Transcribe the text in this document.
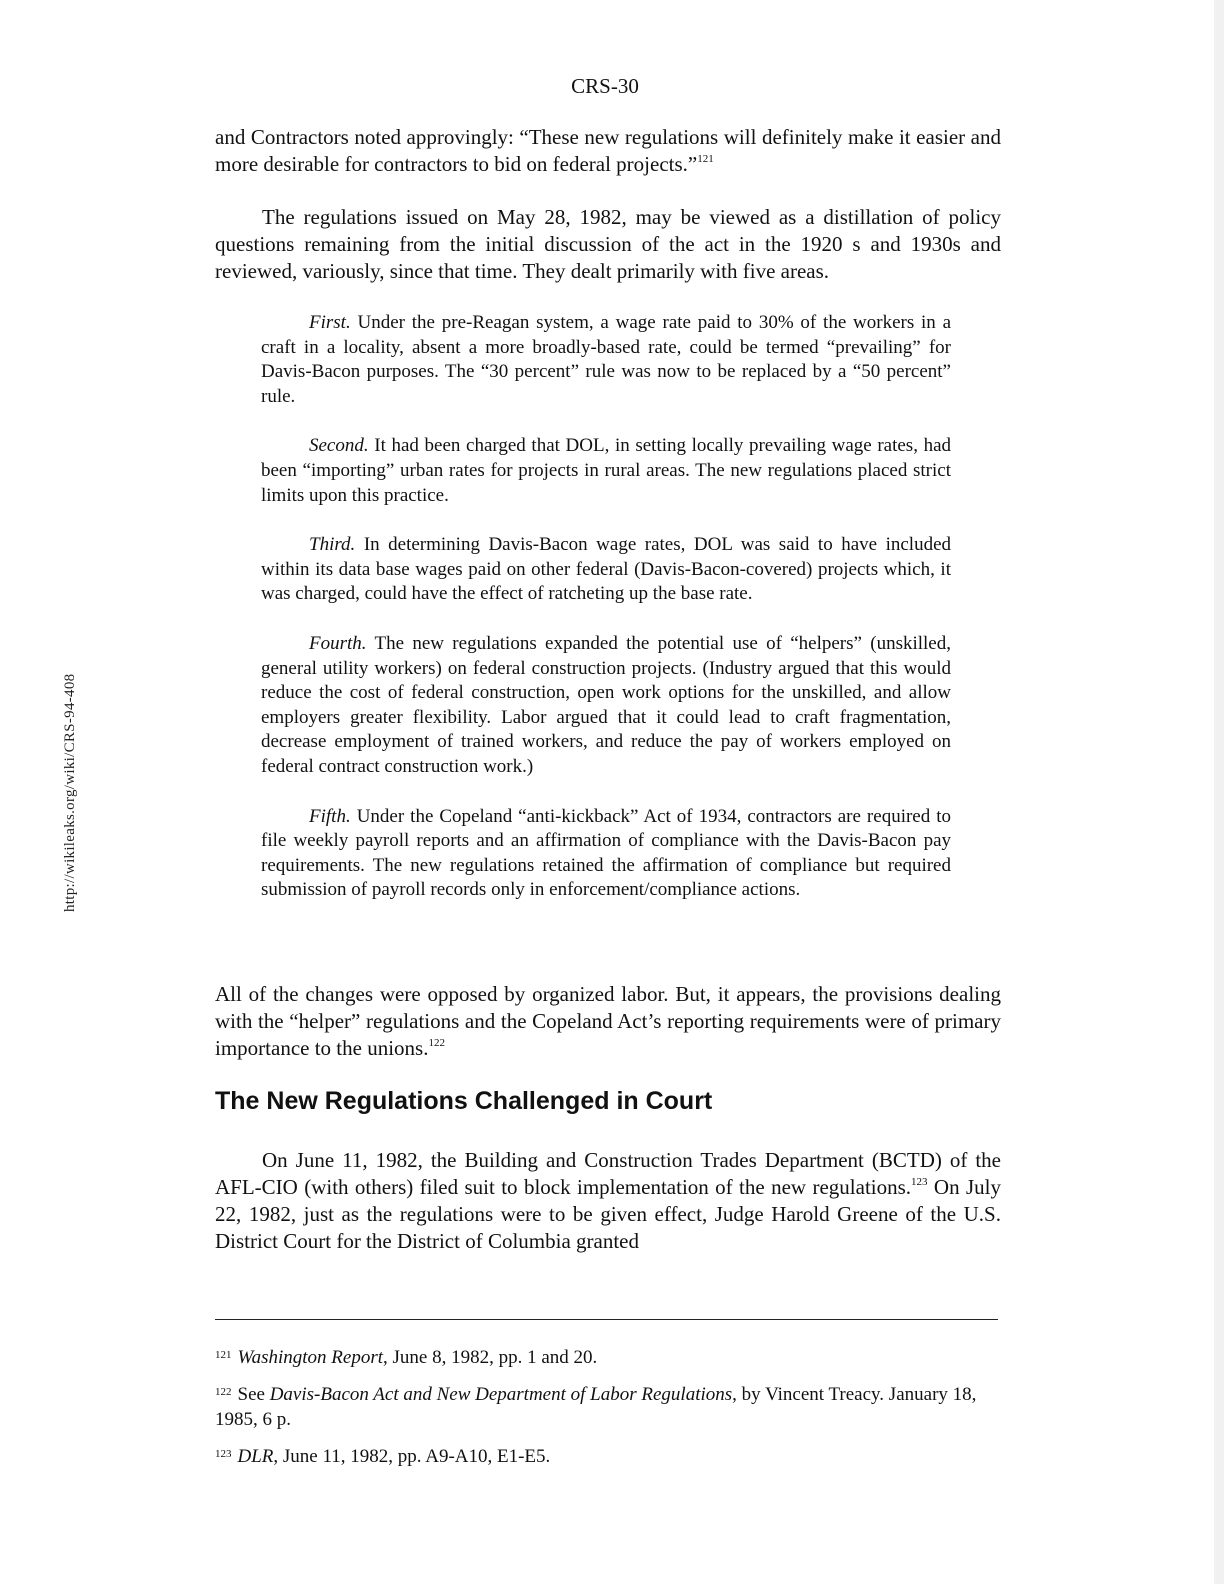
http://wikileaks.org/wiki/CRS-94-408
CRS-30
and Contractors noted approvingly: “These new regulations will definitely make it easier and more desirable for contractors to bid on federal projects.”$^{121}$
The regulations issued on May 28, 1982, may be viewed as a distillation of policy questions remaining from the initial discussion of the act in the 1920 s and 1930s and reviewed, variously, since that time. They dealt primarily with five areas.

First. Under the pre-Reagan system, a wage rate paid to 30% of the workers in a craft in a locality, absent a more broadly-based rate, could be termed “prevailing” for Davis-Bacon purposes. The “30 percent” rule was now to be replaced by a “50 percent” rule.

Second. It had been charged that DOL, in setting locally prevailing wage rates, had been “importing” urban rates for projects in rural areas. The new regulations placed strict limits upon this practice.

Third. In determining Davis-Bacon wage rates, DOL was said to have included within its data base wages paid on other federal (Davis-Bacon-covered) projects which, it was charged, could have the effect of ratcheting up the base rate.

Fourth. The new regulations expanded the potential use of “helpers” (unskilled, general utility workers) on federal construction projects. (Industry argued that this would reduce the cost of federal construction, open work options for the unskilled, and allow employers greater flexibility. Labor argued that it could lead to craft fragmentation, decrease employment of trained workers, and reduce the pay of workers employed on federal contract construction work.)

Fifth. Under the Copeland “anti-kickback” Act of 1934, contractors are required to file weekly payroll reports and an affirmation of compliance with the Davis-Bacon pay requirements. The new regulations retained the affirmation of compliance but required submission of payroll records only in enforcement/compliance actions.

All of the changes were opposed by organized labor. But, it appears, the provisions dealing with the “helper” regulations and the Copeland Act’s reporting requirements were of primary importance to the unions.$^{122}$
The New Regulations Challenged in Court
On June 11, 1982, the Building and Construction Trades Department (BCTD) of the AFL-CIO (with others) filed suit to block implementation of the new regulations.$^{123}$ On July 22, 1982, just as the regulations were to be given effect, Judge Harold Greene of the U.S. District Court for the District of Columbia granted

$^{121}$ Washington Report, June 8, 1982, pp. 1 and 20.

$^{122}$ See Davis-Bacon Act and New Department of Labor Regulations, by Vincent Treacy. January 18, 1985, 6 p.

$^{123}$ DLR, June 11, 1982, pp. A9-A10, E1-E5.
